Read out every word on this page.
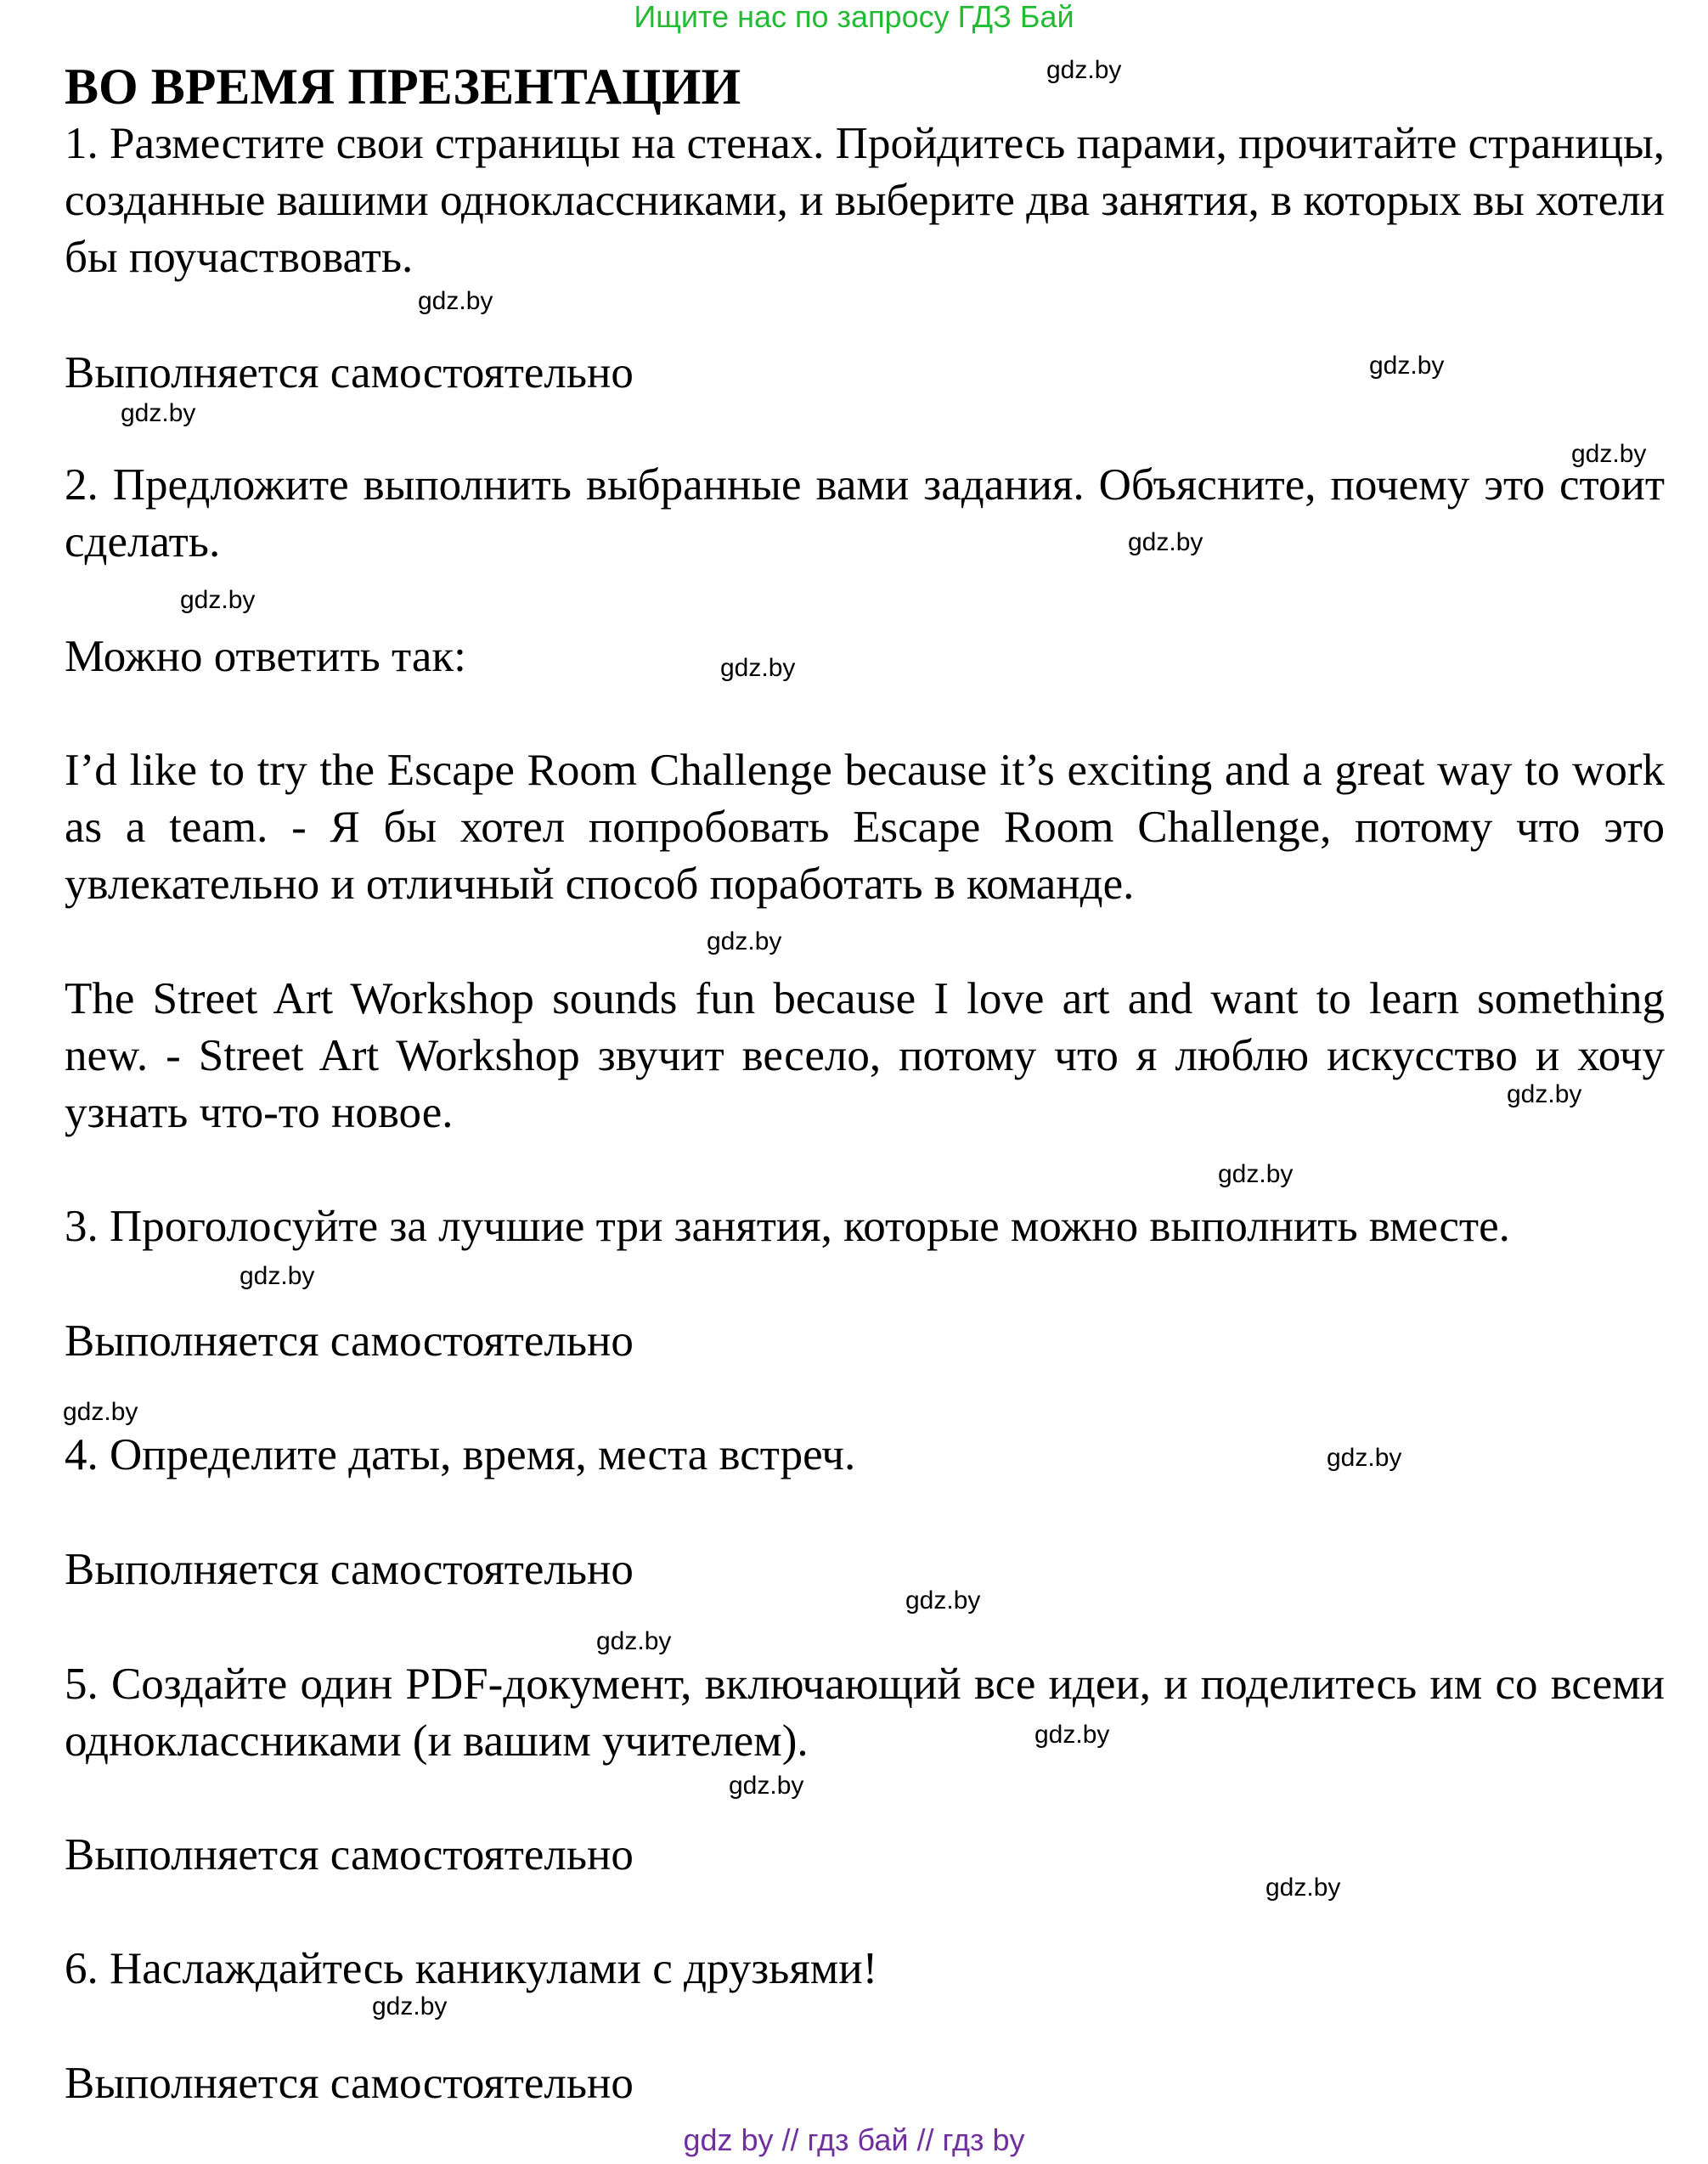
Ищите нас по запросу ГДЗ Бай
ВО ВРЕМЯ ПРЕЗЕНТАЦИИ

1. Разместите свои страницы на стенах. Пройдитесь парами, прочитайте страницы, созданные вашими одноклассниками, и выберите два занятия, в которых вы хотели бы поучаствовать.

Выполняется самостоятельно

2. Предложите выполнить выбранные вами задания. Объясните, почему это стоит сделать.

Можно ответить так:

I’d like to try the Escape Room Challenge because it’s exciting and a great way to work as a team. - Я бы хотел попробовать Escape Room Challenge, потому что это увлекательно и отличный способ поработать в команде.

The Street Art Workshop sounds fun because I love art and want to learn something new. - Street Art Workshop звучит весело, потому что я люблю искусство и хочу узнать что-то новое.

3. Проголосуйте за лучшие три занятия, которые можно выполнить вместе.

Выполняется самостоятельно

4. Определите даты, время, места встреч.

Выполняется самостоятельно

5. Создайте один PDF-документ, включающий все идеи, и поделитесь им со всеми одноклассниками (и вашим учителем).

Выполняется самостоятельно

6. Наслаждайтесь каникулами с друзьями!

Выполняется самостоятельно

gdz.by
gdz.by
gdz.by
gdz.by
gdz.by
gdz.by
gdz.by
gdz.by
gdz.by
gdz.by
gdz.by
gdz.by
gdz.by
gdz.by
gdz.by
gdz.by
gdz.by
gdz.by
gdz.by
gdz.by
gdz by // гдз бай // гдз by
